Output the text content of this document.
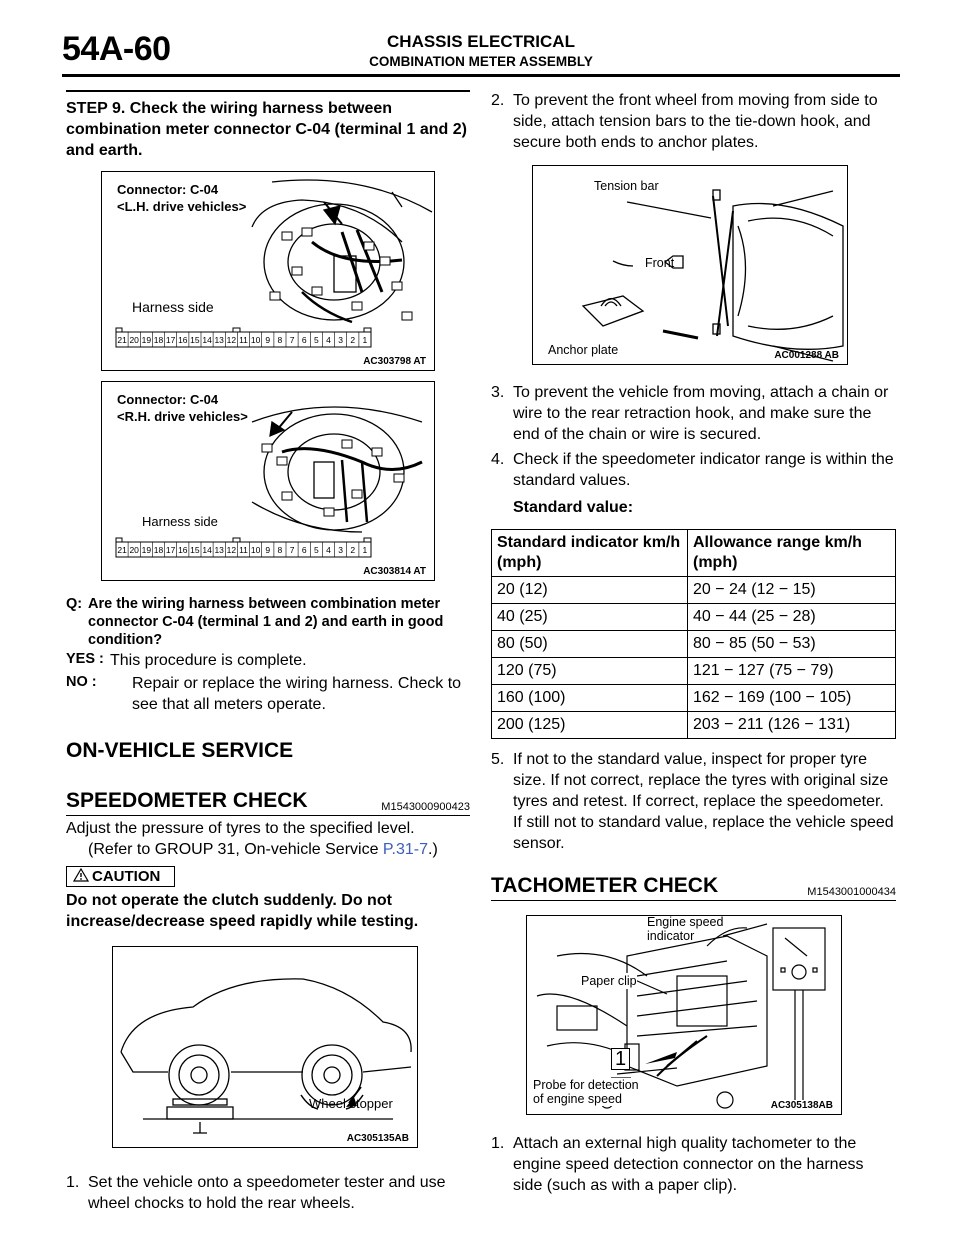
54A-60	CHASSIS ELECTRICAL
COMBINATION METER ASSEMBLY
STEP 9. Check the wiring harness between combination meter connector C-04 (terminal 1 and 2) and earth.
21 20 19 18 17 16 15 14 13 12 11 10 9 8 7 6 5 4 3 2 1
Connector: C-04
<L.H. drive vehicles>
Harness side
AC303798 AT
21 20 19 18 17 16 15 14 13 12 11 10 9 8 7 6 5 4 3 2 1
Connector: C-04
<R.H. drive vehicles>
Harness side
AC303814 AT
Q: Are the wiring harness between combination meter connector C-04 (terminal 1 and 2) and earth in good condition?
YES : This procedure is complete.
NO :	Repair or replace the wiring harness. Check to see that all meters operate.
ON-VEHICLE SERVICE
SPEEDOMETER CHECK	M1543000900423
Adjust the pressure of tyres to the specified level.
(Refer to GROUP 31, On-vehicle Service P.31-7.)
CAUTION
Do not operate the clutch suddenly. Do not increase/decrease speed rapidly while testing.
Wheel stopper
AC305135AB
1. Set the vehicle onto a speedometer tester and use wheel chocks to hold the rear wheels.
2. To prevent the front wheel from moving from side to side, attach tension bars to the tie-down hook, and secure both ends to anchor plates.
Tension bar
Front
Anchor plate	AC001288 AB
3. To prevent the vehicle from moving, attach a chain or wire to the rear retraction hook, and make sure the end of the chain or wire is secured.
4. Check if the speedometer indicator range is within the standard values.
Standard value:
Standard indicator km/h (mph)	Allowance range km/h (mph)
20 (12)	20 − 24 (12 − 15)
40 (25)	40 − 44 (25 − 28)
80 (50)	80 − 85 (50 − 53)
120 (75)	121 − 127 (75 − 79)
160 (100)	162 − 169 (100 − 105)
200 (125)	203 − 211 (126 − 131)
5. If not to the standard value, inspect for proper tyre size. If not correct, replace the tyres with original size tyres and retest. If correct, replace the speedometer. If still not to standard value, replace the vehicle speed sensor.
TACHOMETER CHECK	M1543001000434
Engine speed
indicator
Paper clip
1
Probe for detection
of engine speed	AC305138AB
1. Attach an external high quality tachometer to the engine speed detection connector on the harness side (such as with a paper clip).
